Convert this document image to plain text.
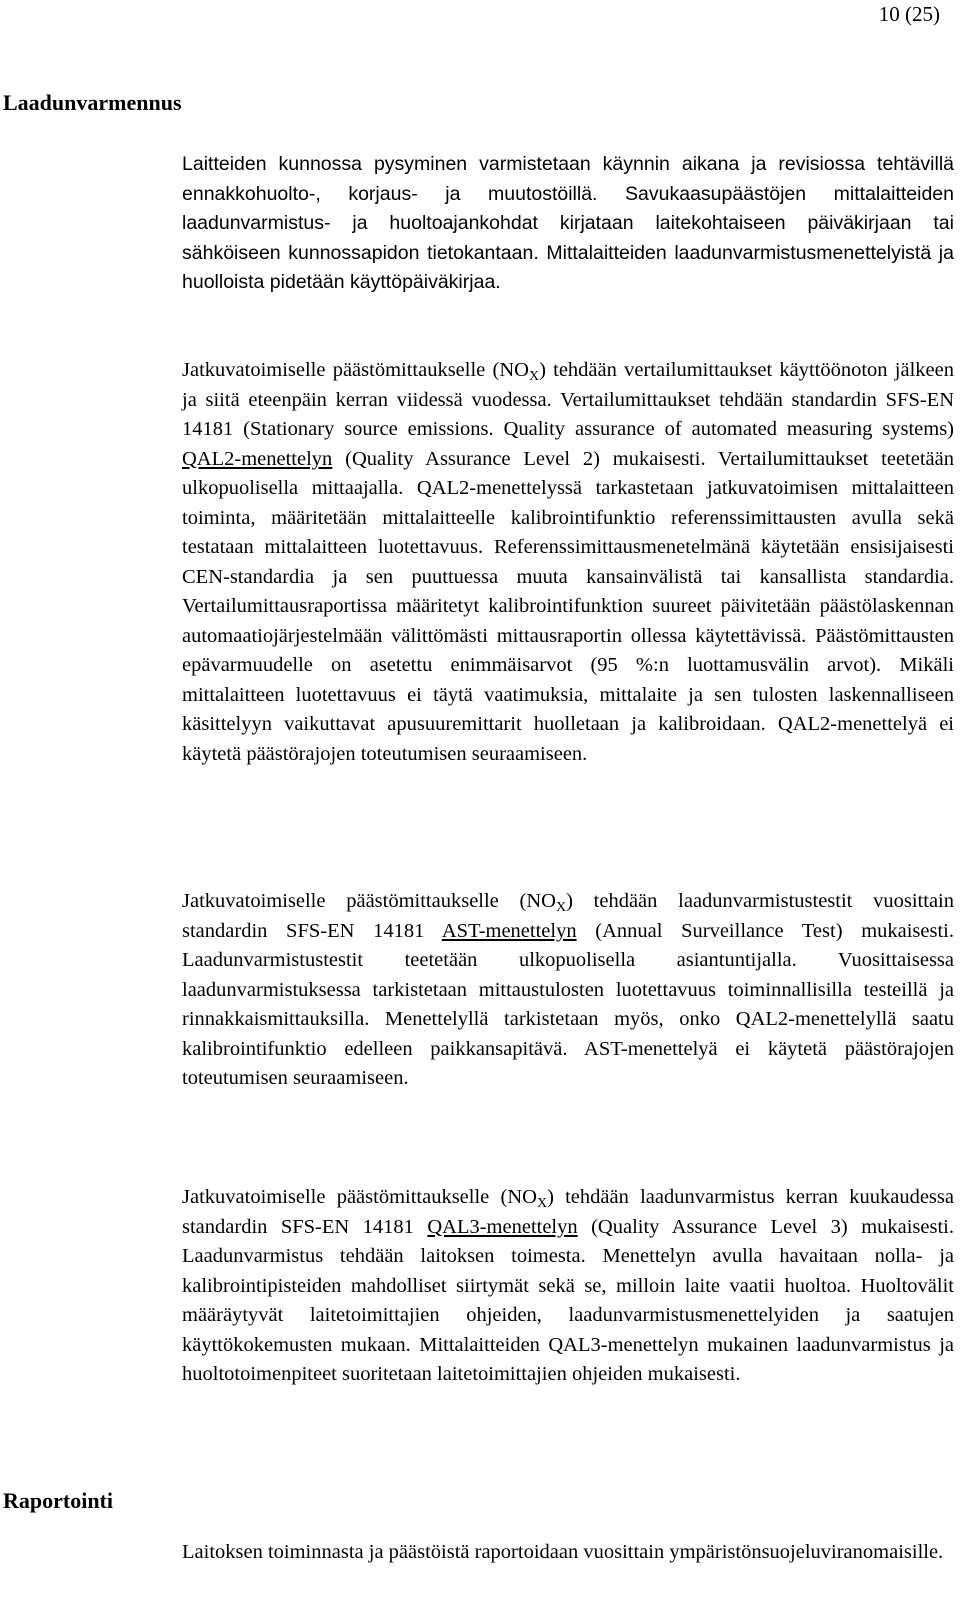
10 (25)
Laadunvarmennus

Laitteiden kunnossa pysyminen varmistetaan käynnin aikana ja revisiossa tehtävillä ennakkohuolto-, korjaus- ja muutostöillä. Savukaasupäästöjen mittalaitteiden laadunvarmistus- ja huoltoajankohdat kirjataan laitekohtaiseen päiväkirjaan tai sähköiseen kunnossapidon tietokantaan. Mittalaitteiden laadunvarmistusmenettelyistä ja huolloista pidetään käyttöpäiväkirjaa.

Jatkuvatoimiselle päästömittaukselle $(NO_X)$ tehdään vertailumittaukset käyttöönoton jälkeen ja siitä eteenpäin kerran viidessä vuodessa. Vertailumittaukset tehdään standardin SFS-EN 14181 (Stationary source emissions. Quality assurance of automated measuring systems) QAL2-menettelyn (Quality Assurance Level 2) mukaisesti. Vertailumittaukset teetetään ulkopuolisella mittaajalla. QAL2-menettelyssä tarkastetaan jatkuvatoimisen mittalaitteen toiminta, määritetään mittalaitteelle kalibrointifunktio referenssimittausten avulla sekä testataan mittalaitteen luotettavuus. Referenssimittausmenetelmänä käytetään ensisijaisesti CEN-standardia ja sen puuttuessa muuta kansainvälistä tai kansallista standardia. Vertailumittausraportissa määritetyt kalibrointifunktion suureet päivitetään päästölaskennan automaatiojärjestelmään välittömästi mittausraportin ollessa käytettävissä. Päästömittausten epävarmuudelle on asetettu enimmäisarvot (95 %:n luottamusvälin arvot). Mikäli mittalaitteen luotettavuus ei täytä vaatimuksia, mittalaite ja sen tulosten laskennalliseen käsittelyyn vaikuttavat apusuuremittarit huolletaan ja kalibroidaan. QAL2-menettelyä ei käytetä päästörajojen toteutumisen seuraamiseen.

Jatkuvatoimiselle päästömittaukselle $(NO_X)$ tehdään laadunvarmistustestit vuosittain standardin SFS-EN 14181 AST-menettelyn (Annual Surveillance Test) mukaisesti. Laadunvarmistustestit teetetään ulkopuolisella asiantuntijalla. Vuosittaisessa laadunvarmistuksessa tarkistetaan mittaustulosten luotettavuus toiminnallisilla testeillä ja rinnakkaismittauksilla. Menettelyllä tarkistetaan myös, onko QAL2-menettelyllä saatu kalibrointifunktio edelleen paikkansapitävä. AST-menettelyä ei käytetä päästörajojen toteutumisen seuraamiseen.

Jatkuvatoimiselle päästömittaukselle $(NO_X)$ tehdään laadunvarmistus kerran kuukaudessa standardin SFS-EN 14181 QAL3-menettelyn (Quality Assurance Level 3) mukaisesti. Laadunvarmistus tehdään laitoksen toimesta. Menettelyn avulla havaitaan nolla- ja kalibrointipisteiden mahdolliset siirtymät sekä se, milloin laite vaatii huoltoa. Huoltovälit määräytyvät laitetoimittajien ohjeiden, laadunvarmistusmenettelyiden ja saatujen käyttökokemusten mukaan. Mittalaitteiden QAL3-menettelyn mukainen laadunvarmistus ja huoltotoimenpiteet suoritetaan laitetoimittajien ohjeiden mukaisesti.

Raportointi

Laitoksen toiminnasta ja päästöistä raportoidaan vuosittain ympäristönsuojeluviranomaisille.
